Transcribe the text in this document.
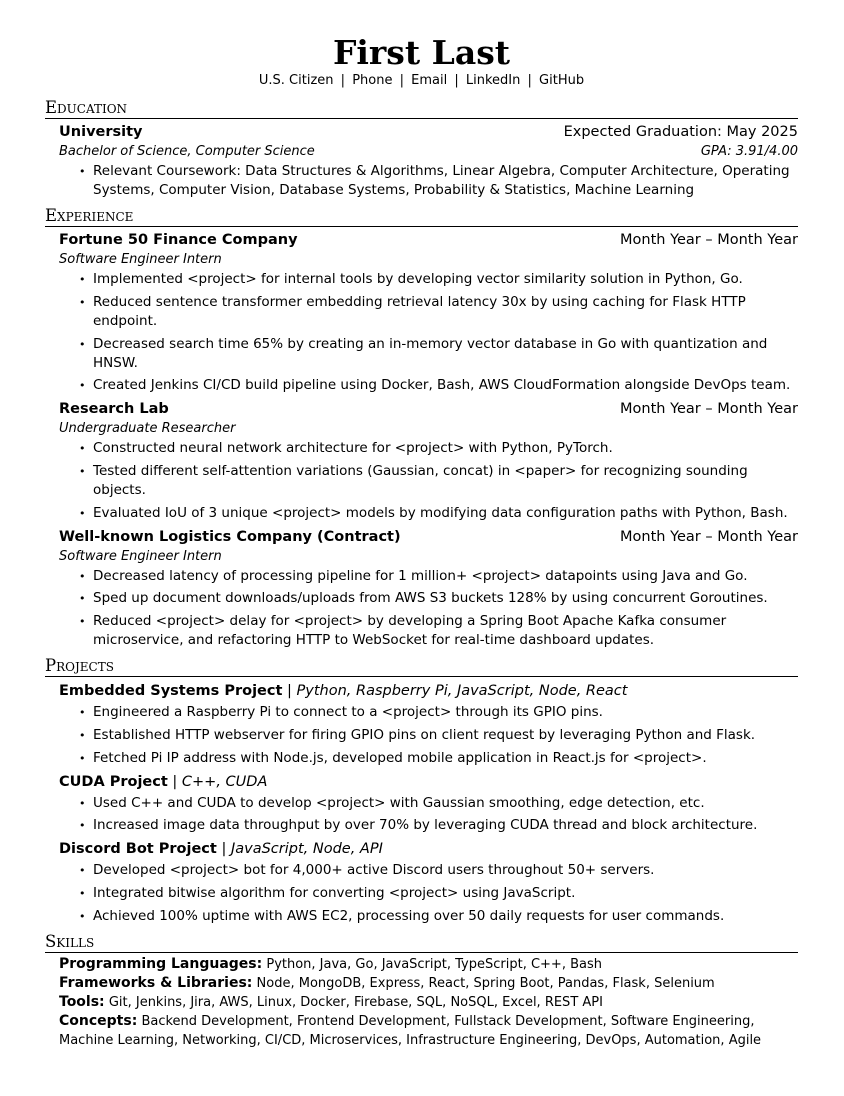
First Last
U.S. Citizen | Phone | Email | LinkedIn | GitHub
Education
University	Expected Graduation: May 2025
Bachelor of Science, Computer Science	GPA: 3.91/4.00
• Relevant Coursework: Data Structures & Algorithms, Linear Algebra, Computer Architecture, Operating Systems, Computer Vision, Database Systems, Probability & Statistics, Machine Learning
Experience
Fortune 50 Finance Company	Month Year – Month Year
Software Engineer Intern
• Implemented <project> for internal tools by developing vector similarity solution in Python, Go.
• Reduced sentence transformer embedding retrieval latency 30x by using caching for Flask HTTP endpoint.
• Decreased search time 65% by creating an in-memory vector database in Go with quantization and HNSW.
• Created Jenkins CI/CD build pipeline using Docker, Bash, AWS CloudFormation alongside DevOps team.
Research Lab	Month Year – Month Year
Undergraduate Researcher
• Constructed neural network architecture for <project> with Python, PyTorch.
• Tested different self-attention variations (Gaussian, concat) in <paper> for recognizing sounding objects.
• Evaluated IoU of 3 unique <project> models by modifying data configuration paths with Python, Bash.
Well-known Logistics Company (Contract)	Month Year – Month Year
Software Engineer Intern
• Decreased latency of processing pipeline for 1 million+ <project> datapoints using Java and Go.
• Sped up document downloads/uploads from AWS S3 buckets 128% by using concurrent Goroutines.
• Reduced <project> delay for <project> by developing a Spring Boot Apache Kafka consumer microservice, and refactoring HTTP to WebSocket for real-time dashboard updates.
Projects
Embedded Systems Project | Python, Raspberry Pi, JavaScript, Node, React
• Engineered a Raspberry Pi to connect to a <project> through its GPIO pins.
• Established HTTP webserver for firing GPIO pins on client request by leveraging Python and Flask.
• Fetched Pi IP address with Node.js, developed mobile application in React.js for <project>.
CUDA Project | C++, CUDA
• Used C++ and CUDA to develop <project> with Gaussian smoothing, edge detection, etc.
• Increased image data throughput by over 70% by leveraging CUDA thread and block architecture.
Discord Bot Project | JavaScript, Node, API
• Developed <project> bot for 4,000+ active Discord users throughout 50+ servers.
• Integrated bitwise algorithm for converting <project> using JavaScript.
• Achieved 100% uptime with AWS EC2, processing over 50 daily requests for user commands.
Skills
Programming Languages: Python, Java, Go, JavaScript, TypeScript, C++, Bash
Frameworks & Libraries: Node, MongoDB, Express, React, Spring Boot, Pandas, Flask, Selenium
Tools: Git, Jenkins, Jira, AWS, Linux, Docker, Firebase, SQL, NoSQL, Excel, REST API
Concepts: Backend Development, Frontend Development, Fullstack Development, Software Engineering, Machine Learning, Networking, CI/CD, Microservices, Infrastructure Engineering, DevOps, Automation, Agile
